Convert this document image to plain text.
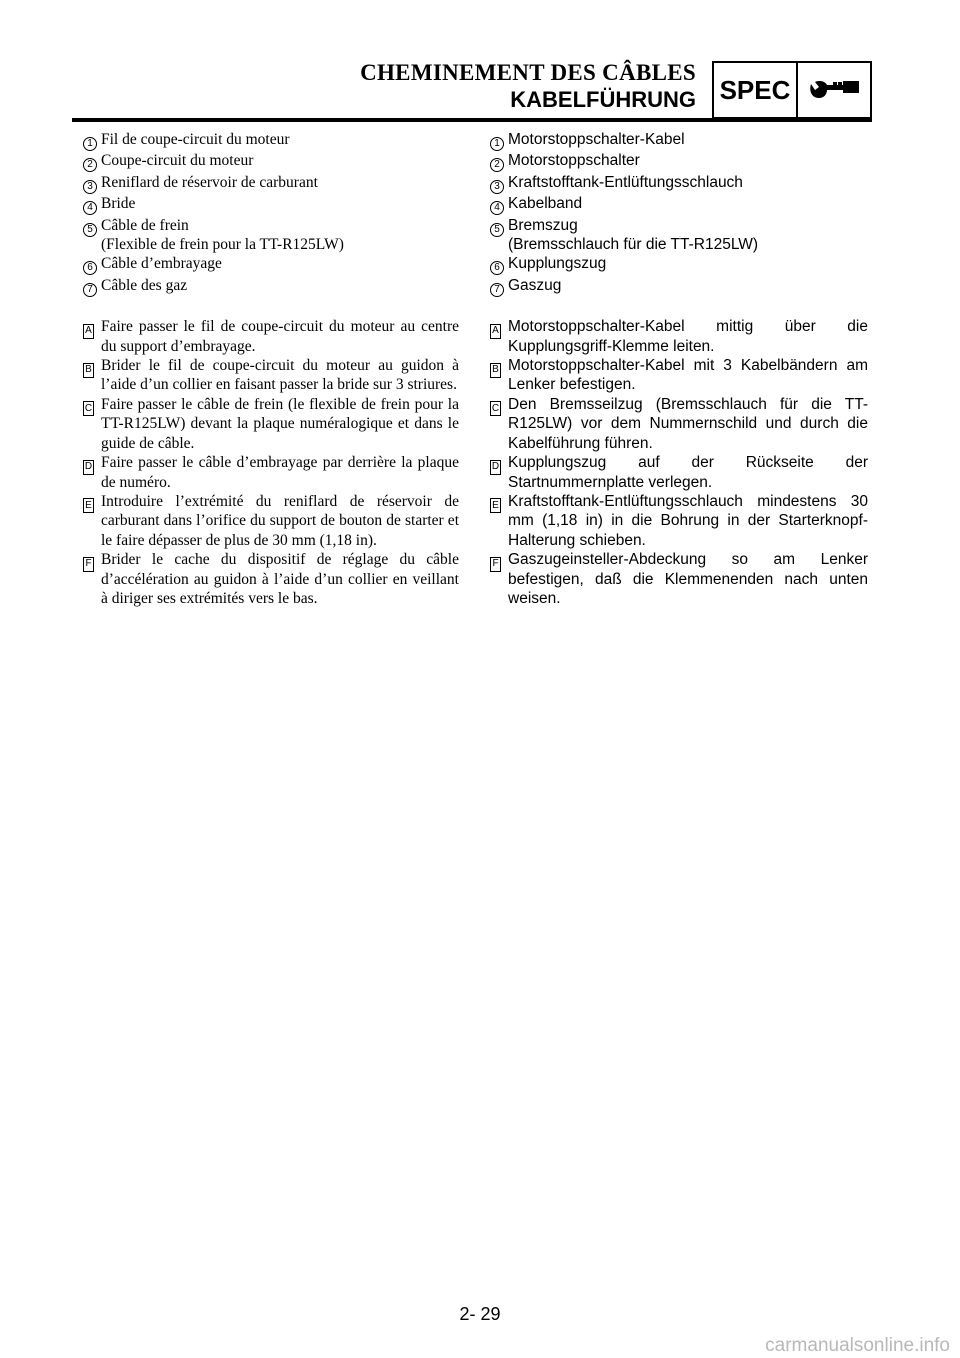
CHEMINEMENT DES CÂBLES
KABELFÜHRUNG SPEC
1 Fil de coupe-circuit du moteur
2 Coupe-circuit du moteur
3 Reniflard de réservoir de carburant
4 Bride
5 Câble de frein
(Flexible de frein pour la TT-R125LW)
6 Câble d’embrayage
7 Câble des gaz
A Faire passer le fil de coupe-circuit du moteur au centre du support d’embrayage.
B Brider le fil de coupe-circuit du moteur au guidon à l’aide d’un collier en faisant passer la bride sur 3 striures.
C Faire passer le câble de frein (le flexible de frein pour la TT-R125LW) devant la plaque numéralogique et dans le guide de câble.
D Faire passer le câble d’embrayage par derrière la plaque de numéro.
E Introduire l’extrémité du reniflard de réservoir de carburant dans l’orifice du support de bouton de starter et le faire dépasser de plus de 30 mm (1,18 in).
F Brider le cache du dispositif de réglage du câble d’accélération au guidon à l’aide d’un collier en veillant à diriger ses extrémités vers le bas.
1 Motorstoppschalter-Kabel
2 Motorstoppschalter
3 Kraftstofftank-Entlüftungsschlauch
4 Kabelband
5 Bremszug
(Bremsschlauch für die TT-R125LW)
6 Kupplungszug
7 Gaszug
A Motorstoppschalter-Kabel mittig über die Kupplungsgriff-Klemme leiten.
B Motorstoppschalter-Kabel mit 3 Kabelbändern am Lenker befestigen.
C Den Bremsseilzug (Bremsschlauch für die TT-R125LW) vor dem Nummernschild und durch die Kabelführung führen.
D Kupplungszug auf der Rückseite der Startnummernplatte verlegen.
E Kraftstofftank-Entlüftungsschlauch mindestens 30 mm (1,18 in) in die Bohrung in der Starterknopf-Halterung schieben.
F Gaszugeinsteller-Abdeckung so am Lenker befestigen, daß die Klemmenenden nach unten weisen.
2- 29
carmanualsonline.info
